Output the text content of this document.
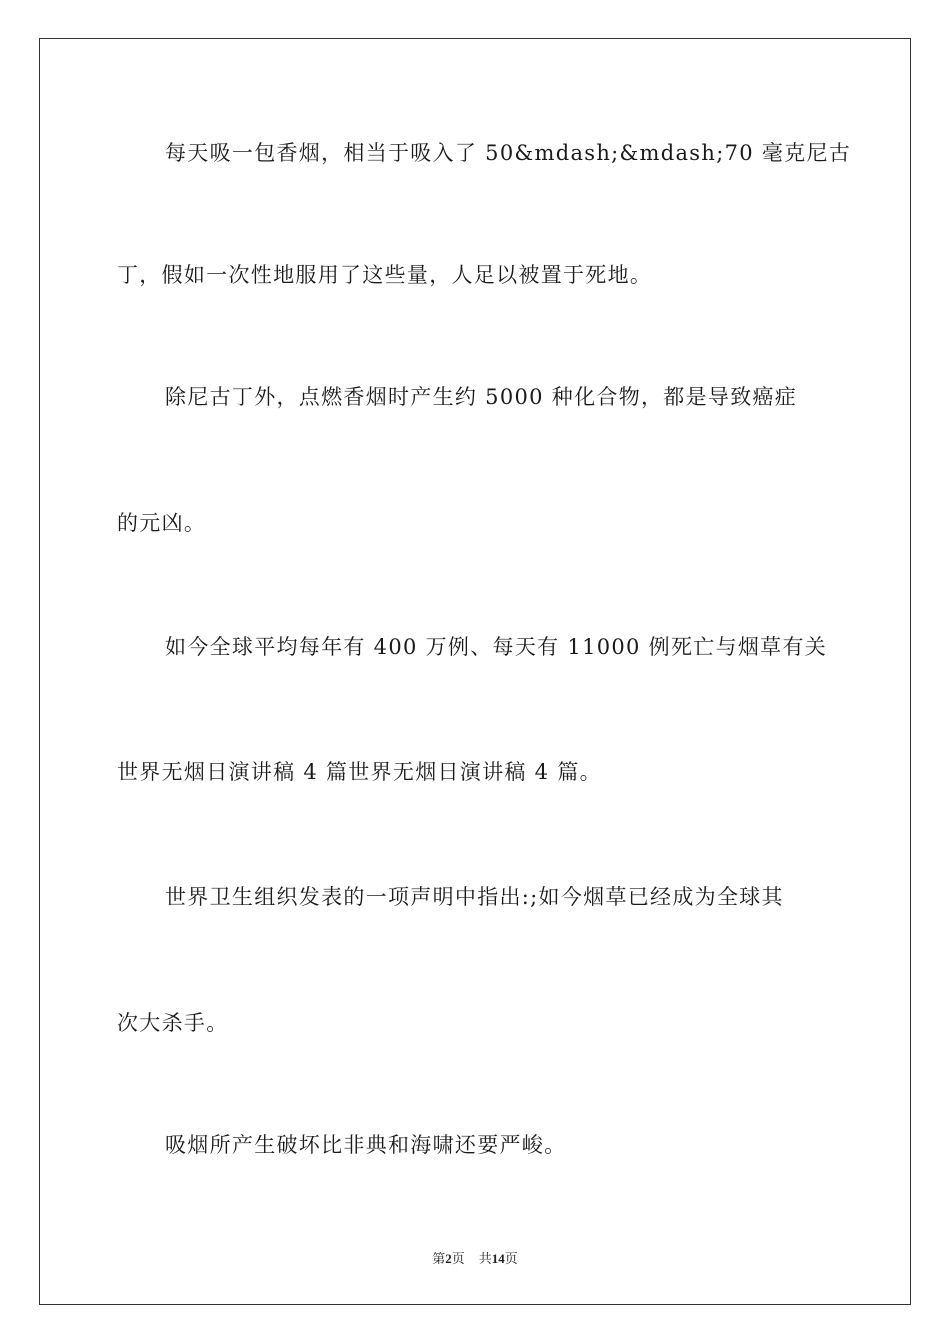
每天吸一包香烟，相当于吸入了 50&mdash;&mdash;70 毫克尼古
丁，假如一次性地服用了这些量，人足以被置于死地。
除尼古丁外，点燃香烟时产生约 5000 种化合物，都是导致癌症
的元凶。
如今全球平均每年有 400 万例、每天有 11000 例死亡与烟草有关
世界无烟日演讲稿 4 篇世界无烟日演讲稿 4 篇。
世界卫生组织发表的一项声明中指出:;如今烟草已经成为全球其
次大杀手。
吸烟所产生破坏比非典和海啸还要严峻。
第2页 共14页
